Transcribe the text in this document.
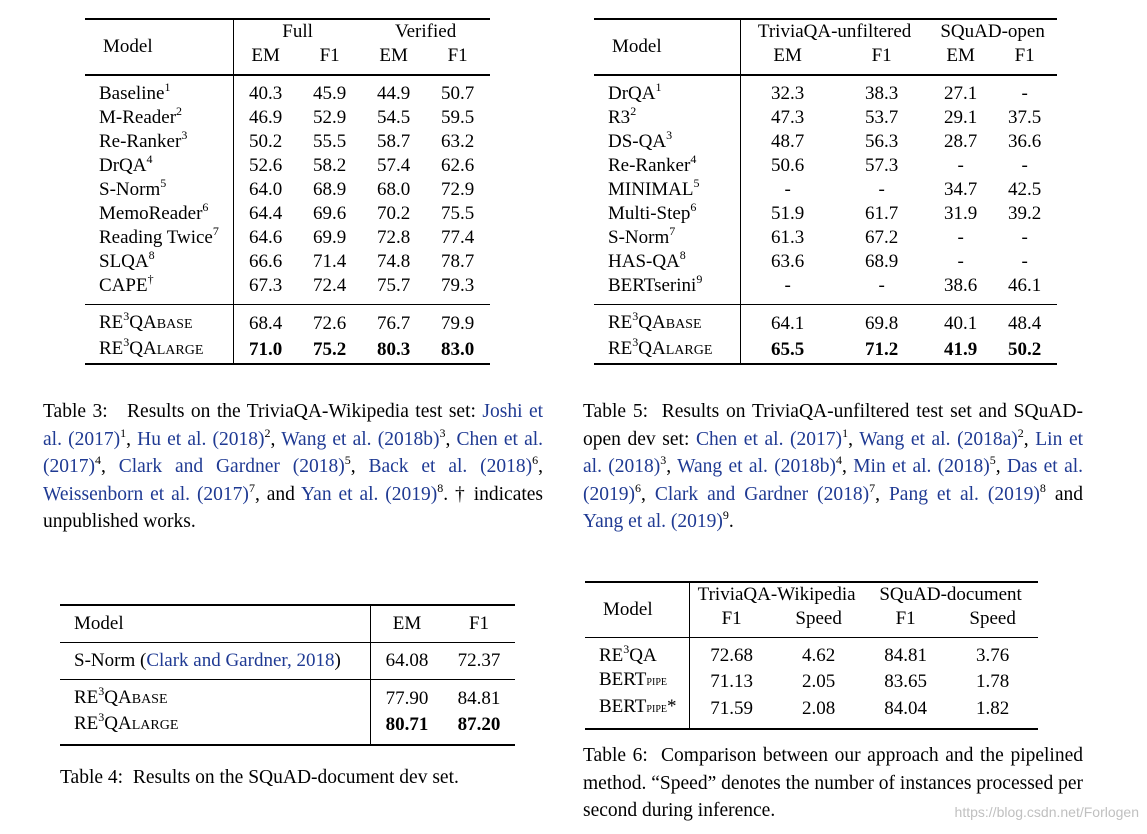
Model	Full		Verified	
	EM	F1	EM	F1
Baseline$^1$	40.3	45.9	44.9	50.7
M-Reader$^2$	46.9	52.9	54.5	59.5
Re-Ranker$^3$	50.2	55.5	58.7	63.2
DrQA$^4$	52.6	58.2	57.4	62.6
S-Norm$^5$	64.0	68.9	68.0	72.9
MemoReader$^6$	64.4	69.6	70.2	75.5
Reading Twice$^7$	64.6	69.9	72.8	77.4
SLQA$^8$	66.6	71.4	74.8	78.7
CAPE†	67.3	72.4	75.7	79.3
$RE^3QABASE$	68.4	72.6	76.7	79.9
$RE^3QALARGE$	71.0	75.2	80.3	83.0
Table 3: Results on the TriviaQA-Wikipedia test set: Joshi et al. $(2017)^1$, Hu et al. $(2018)^2$, Wang et al. $(2018b)^3$, Chen et al. $(2017)^4$, Clark and Gardner $(2018)^5$, Back et al. $(2018)^6$, Weissenborn et al. $(2017)^7$, and Yan et al. $(2019)^8$. † indicates unpublished works.
Model	TriviaQA-unfiltered		SQuAD-open	
	EM	F1	EM	F1
DrQA$^1$	32.3	38.3	27.1	-
$R3^2$	47.3	53.7	29.1	37.5
$DS-QA^3$	48.7	56.3	28.7	36.6
Re-Ranker$^4$	50.6	57.3	-	-
MINIMAL$^5$	-	-	34.7	42.5
Multi-Step$^6$	51.9	61.7	31.9	39.2
S-Norm$^7$	61.3	67.2	-	-
HAS-$QA^8$	63.6	68.9	-	-
BERTserini$^9$	-	-	38.6	46.1
$RE^3QABASE$	64.1	69.8	40.1	48.4
$RE^3QALARGE$	65.5	71.2	41.9	50.2
Table 5: Results on TriviaQA-unfiltered test set and SQuAD-open dev set: Chen et al. $(2017)^1$, Wang et al. $(2018a)^2$, Lin et al. $(2018)^3$, Wang et al. $(2018b)^4$, Min et al. $(2018)^5$, Das et al. $(2019)^6$, Clark and Gardner $(2018)^7$, Pang et al. $(2019)^8$ and Yang et al. $(2019)^9$.
Model	EM	F1
S-Norm (Clark and Gardner, 2018)	64.08	72.37
$RE^3QABASE$	77.90	84.81
$RE^3QALARGE$	80.71	87.20
Table 4: Results on the SQuAD-document dev set.
Model	TriviaQA-Wikipedia		SQuAD-document	
	F1	Speed	F1	Speed
$RE^3QA$	72.68	4.62	84.81	3.76
BERTPIPE	71.13	2.05	83.65	1.78
BERTPIPE*	71.59	2.08	84.04	1.82
Table 6: Comparison between our approach and the pipelined method. “Speed” denotes the number of instances processed per second during inference.	https://blog.csdn.net/Forlogen
